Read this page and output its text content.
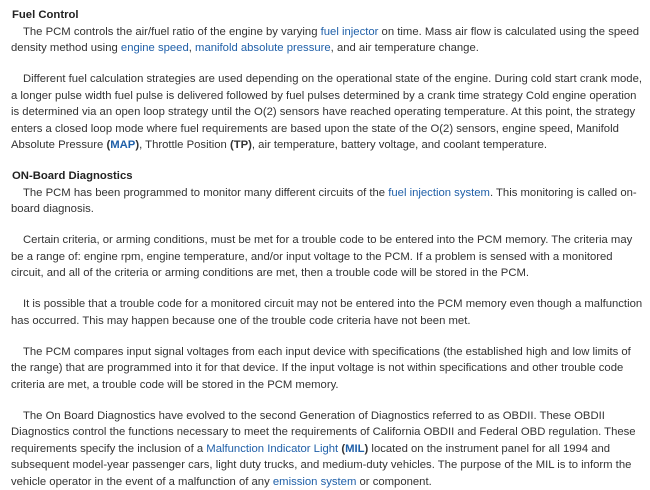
Fuel Control

The PCM controls the air/fuel ratio of the engine by varying fuel injector on time. Mass air flow is calculated using the speed density method using engine speed, manifold absolute pressure, and air temperature change.

Different fuel calculation strategies are used depending on the operational state of the engine. During cold start crank mode, a longer pulse width fuel pulse is delivered followed by fuel pulses determined by a crank time strategy Cold engine operation is determined via an open loop strategy until the O(2) sensors have reached operating temperature. At this point, the strategy enters a closed loop mode where fuel requirements are based upon the state of the O(2) sensors, engine speed, Manifold Absolute Pressure (MAP), Throttle Position (TP), air temperature, battery voltage, and coolant temperature.

ON-Board Diagnostics

The PCM has been programmed to monitor many different circuits of the fuel injection system. This monitoring is called on-board diagnosis.

Certain criteria, or arming conditions, must be met for a trouble code to be entered into the PCM memory. The criteria may be a range of: engine rpm, engine temperature, and/or input voltage to the PCM. If a problem is sensed with a monitored circuit, and all of the criteria or arming conditions are met, then a trouble code will be stored in the PCM.

It is possible that a trouble code for a monitored circuit may not be entered into the PCM memory even though a malfunction has occurred. This may happen because one of the trouble code criteria have not been met.

The PCM compares input signal voltages from each input device with specifications (the established high and low limits of the range) that are programmed into it for that device. If the input voltage is not within specifications and other trouble code criteria are met, a trouble code will be stored in the PCM memory.

The On Board Diagnostics have evolved to the second Generation of Diagnostics referred to as OBDII. These OBDII Diagnostics control the functions necessary to meet the requirements of California OBDII and Federal OBD regulation. These requirements specify the inclusion of a Malfunction Indicator Light (MIL) located on the instrument panel for all 1994 and subsequent model-year passenger cars, light duty trucks, and medium-duty vehicles. The purpose of the MIL is to inform the vehicle operator in the event of a malfunction of any emission system or component.
